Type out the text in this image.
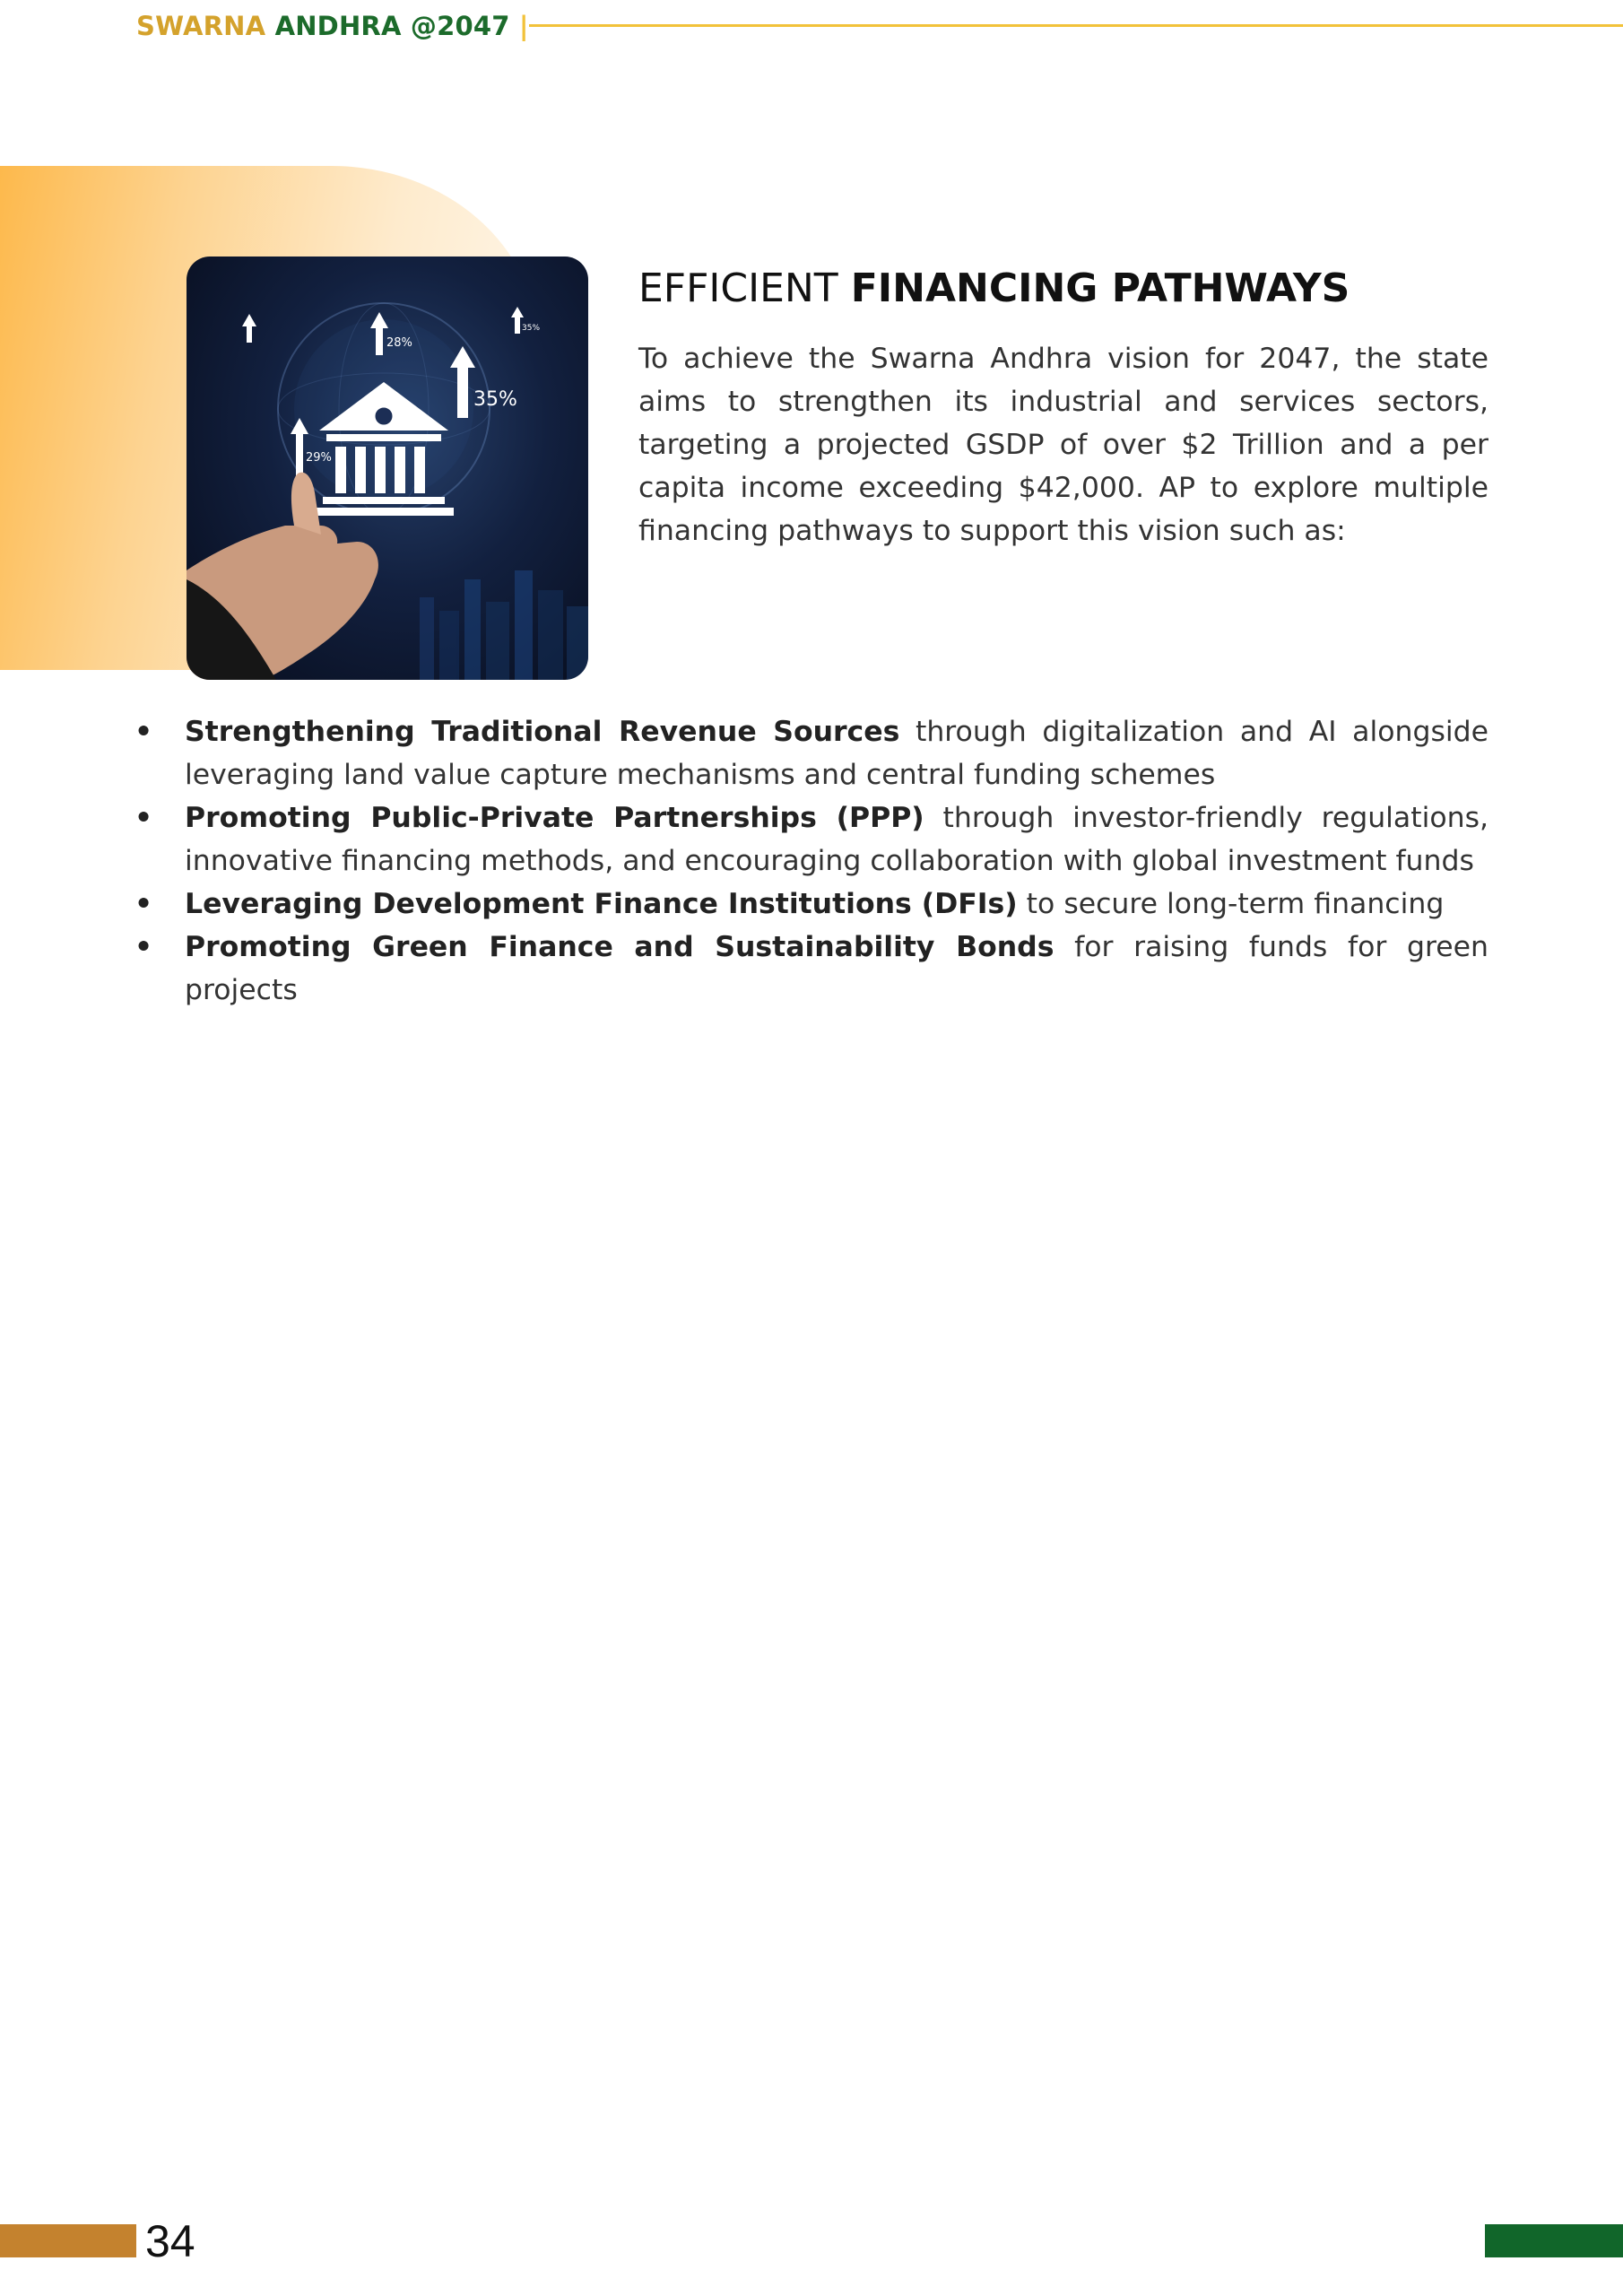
SWARNA ANDHRA @2047 |
28%
35%
29%
35%
EFFICIENT FINANCING PATHWAYS

To achieve the Swarna Andhra vision for 2047, the state aims to strengthen its industrial and services sectors, targeting a projected GSDP of over $2 Trillion and a per capita income exceeding $42,000. AP to explore multiple financing pathways to support this vision such as:

• Strengthening Traditional Revenue Sources through digitalization and AI alongside leveraging land value capture mechanisms and central funding schemes
• Promoting Public-Private Partnerships (PPP) through investor-friendly regulations, innovative financing methods, and encouraging collaboration with global investment funds
• Leveraging Development Finance Institutions (DFIs) to secure long-term financing
• Promoting Green Finance and Sustainability Bonds for raising funds for green projects
34
